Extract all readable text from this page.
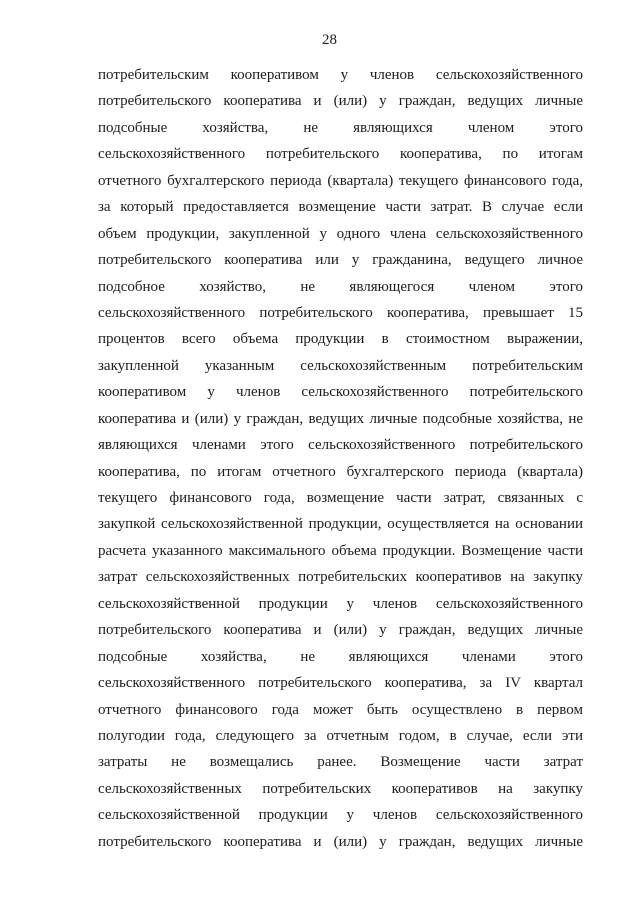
28
потребительским кооперативом у членов сельскохозяйственного
потребительского кооператива и (или) у граждан, ведущих личные
подсобные хозяйства, не являющихся членом этого
сельскохозяйственного потребительского кооператива, по итогам
отчетного бухгалтерского периода (квартала) текущего финансового года,
за который предоставляется возмещение части затрат. В случае если
объем продукции, закупленной у одного члена сельскохозяйственного
потребительского кооператива или у гражданина, ведущего личное
подсобное хозяйство, не являющегося членом этого
сельскохозяйственного потребительского кооператива, превышает 15
процентов всего объема продукции в стоимостном выражении,
закупленной указанным сельскохозяйственным потребительским
кооперативом у членов сельскохозяйственного потребительского
кооператива и (или) у граждан, ведущих личные подсобные хозяйства, не
являющихся членами этого сельскохозяйственного потребительского
кооператива, по итогам отчетного бухгалтерского периода (квартала)
текущего финансового года, возмещение части затрат, связанных с
закупкой сельскохозяйственной продукции, осуществляется на основании
расчета указанного максимального объема продукции. Возмещение части
затрат сельскохозяйственных потребительских кооперативов на закупку
сельскохозяйственной продукции у членов сельскохозяйственного
потребительского кооператива и (или) у граждан, ведущих личные
подсобные хозяйства, не являющихся членами этого
сельскохозяйственного потребительского кооператива, за IV квартал
отчетного финансового года может быть осуществлено в первом
полугодии года, следующего за отчетным годом, в случае, если эти
затраты не возмещались ранее. Возмещение части затрат
сельскохозяйственных потребительских кооперативов на закупку
сельскохозяйственной продукции у членов сельскохозяйственного
потребительского кооператива и (или) у граждан, ведущих личные
